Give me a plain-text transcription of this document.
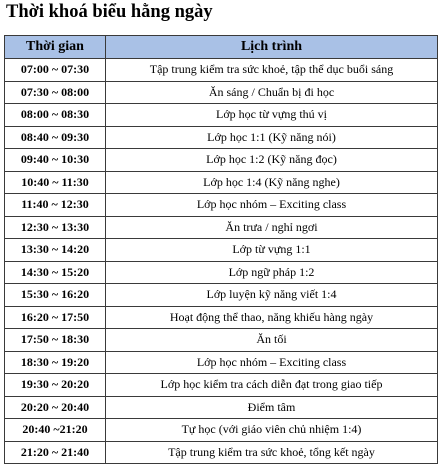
Thời khoá biểu hằng ngày
Thời gian	Lịch trình
07:00 ~ 07:30	Tập trung kiểm tra sức khoẻ, tập thể dục buổi sáng
07:30 ~ 08:00	Ăn sáng / Chuẩn bị đi học
08:00 ~ 08:30	Lớp học từ vựng thú vị
08:40 ~ 09:30	Lớp học 1:1 (Kỹ năng nói)
09:40 ~ 10:30	Lớp học 1:2 (Kỹ năng đọc)
10:40 ~ 11:30	Lớp học 1:4 (Kỹ năng nghe)
11:40 ~ 12:30	Lớp học nhóm – Exciting class
12:30 ~ 13:30	Ăn trưa / nghỉ ngơi
13:30 ~ 14:20	Lớp từ vựng 1:1
14:30 ~ 15:20	Lớp ngữ pháp 1:2
15:30 ~ 16:20	Lớp luyện kỹ năng viết 1:4
16:20 ~ 17:50	Hoạt động thể thao, năng khiếu hàng ngày
17:50 ~ 18:30	Ăn tối
18:30 ~ 19:20	Lớp học nhóm – Exciting class
19:30 ~ 20:20	Lớp học kiểm tra cách diễn đạt trong giao tiếp
20:20 ~ 20:40	Điểm tâm
20:40 ~21:20	Tự học (với giáo viên chủ nhiệm 1:4)
21:20 ~ 21:40	Tập trung kiểm tra sức khoẻ, tổng kết ngày
